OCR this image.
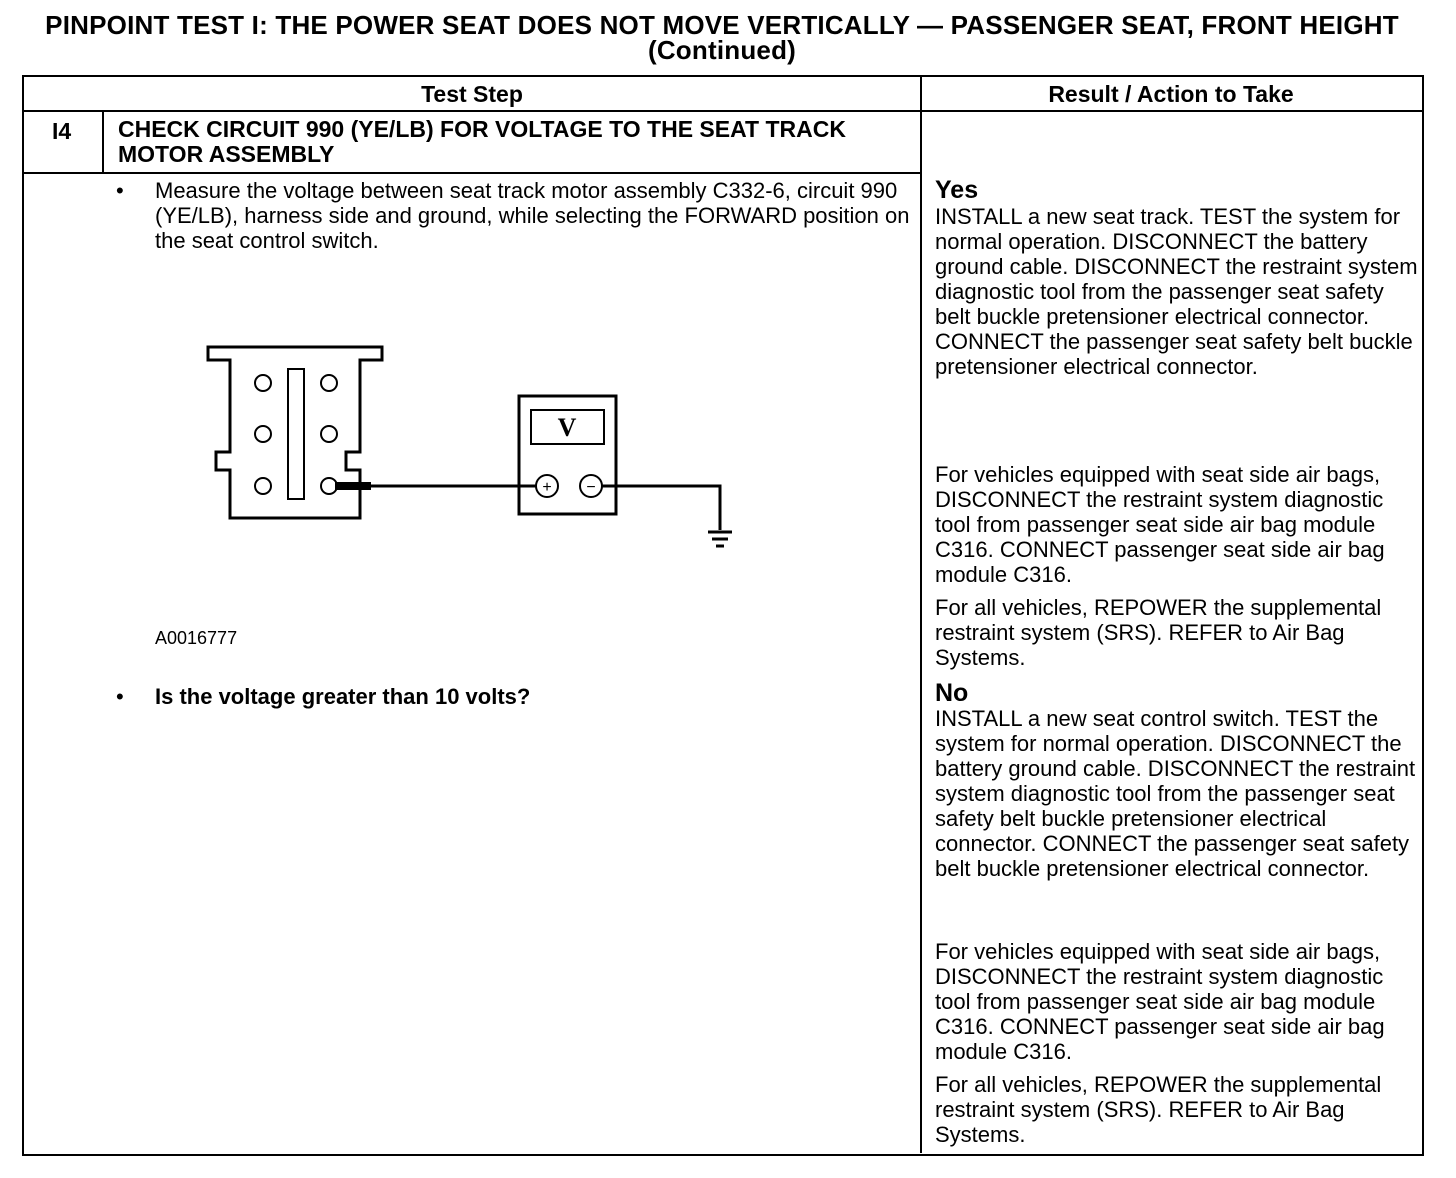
PINPOINT TEST I: THE POWER SEAT DOES NOT MOVE VERTICALLY — PASSENGER SEAT, FRONT HEIGHT (Continued)
Test Step	Result / Action to Take
I4 CHECK CIRCUIT 990 (YE/LB) FOR VOLTAGE TO THE SEAT TRACK MOTOR ASSEMBLY
• Measure the voltage between seat track motor assembly C332-6, circuit 990 (YE/LB), harness side and ground, while selecting the FORWARD position on the seat control switch.
V
+ −
A0016777
• Is the voltage greater than 10 volts?
Yes
INSTALL a new seat track. TEST the system for normal operation. DISCONNECT the battery ground cable. DISCONNECT the restraint system diagnostic tool from the passenger seat safety belt buckle pretensioner electrical connector. CONNECT the passenger seat safety belt buckle pretensioner electrical connector.
For vehicles equipped with seat side air bags, DISCONNECT the restraint system diagnostic tool from passenger seat side air bag module C316. CONNECT passenger seat side air bag module C316.
For all vehicles, REPOWER the supplemental restraint system (SRS). REFER to Air Bag Systems.
No
INSTALL a new seat control switch. TEST the system for normal operation. DISCONNECT the battery ground cable. DISCONNECT the restraint system diagnostic tool from the passenger seat safety belt buckle pretensioner electrical connector. CONNECT the passenger seat safety belt buckle pretensioner electrical connector.
For vehicles equipped with seat side air bags, DISCONNECT the restraint system diagnostic tool from passenger seat side air bag module C316. CONNECT passenger seat side air bag module C316.
For all vehicles, REPOWER the supplemental restraint system (SRS). REFER to Air Bag Systems.
